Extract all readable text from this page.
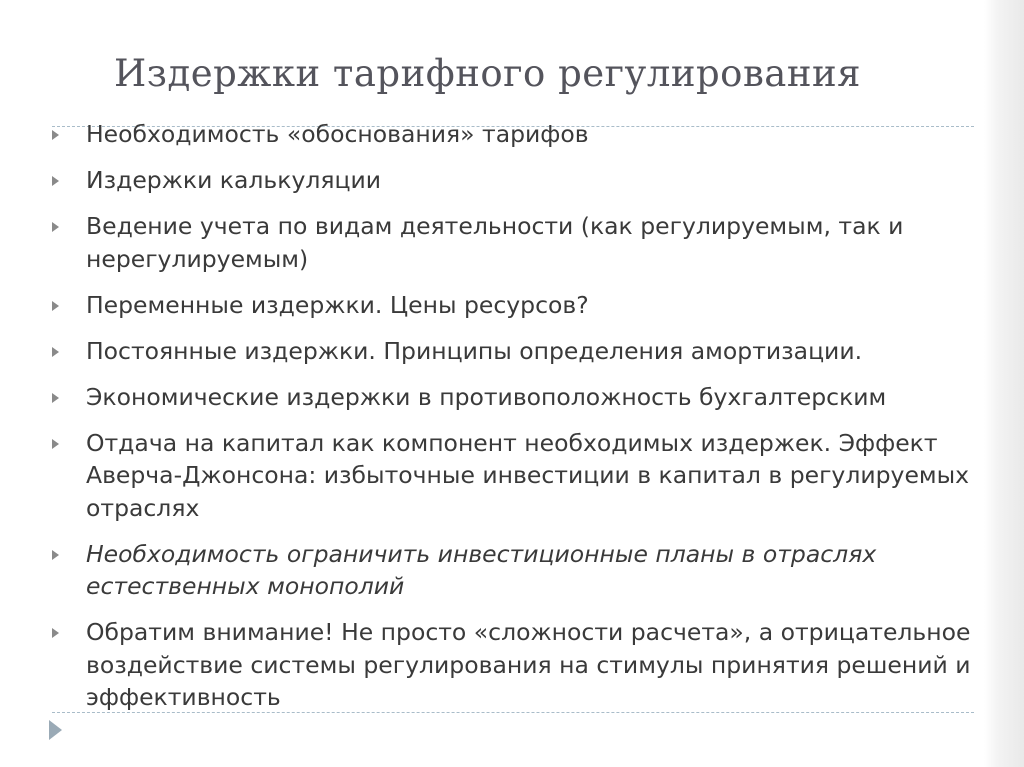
Издержки тарифного регулирования
Необходимость «обоснования» тарифов
Издержки калькуляции
Ведение учета по видам деятельности (как регулируемым, так и нерегулируемым)
Переменные издержки. Цены ресурсов?
Постоянные издержки. Принципы определения амортизации.
Экономические издержки в противоположность бухгалтерским
Отдача на капитал как компонент необходимых издержек. Эффект Аверча-Джонсона: избыточные инвестиции в капитал в регулируемых отраслях
Необходимость ограничить инвестиционные планы в отраслях естественных монополий
Обратим внимание! Не просто «сложности расчета», а отрицательное воздействие системы регулирования на стимулы принятия решений и эффективность
